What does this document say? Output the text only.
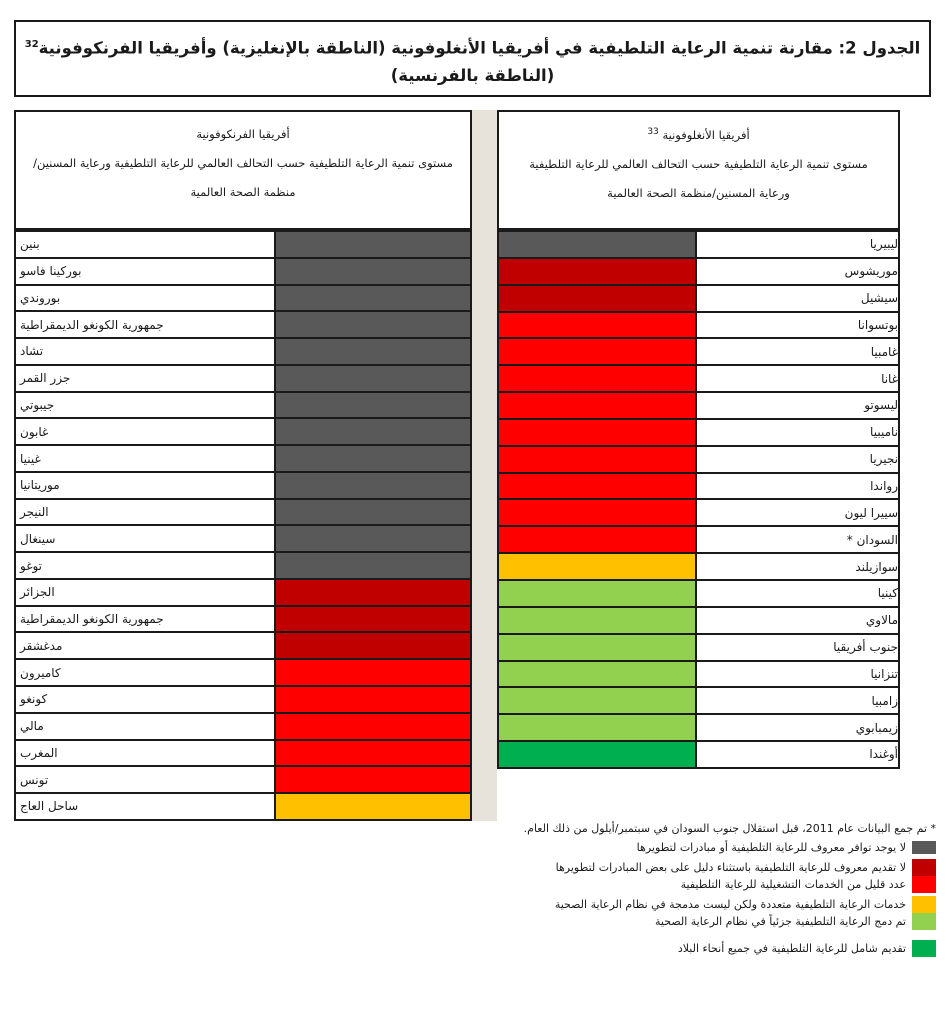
الجدول 2: مقارنة تنمية الرعاية التلطيفية في أفريقيا الأنغلوفونية (الناطقة بالإنغليزية) وأفريقيا الفرنكوفونية$^{32}$
(الناطقة بالفرنسية)
أفريقيا الفرنكوفونية
مستوى تنمية الرعاية التلطيفية حسب التحالف العالمي للرعاية التلطيفية ورعاية المسنين/منظمة الصحة العالمية
أفريقيا الأنغلوفونية $^{33}$
مستوى تنمية الرعاية التلطيفية حسب التحالف العالمي للرعاية التلطيفية ورعاية المسنين/منظمة الصحة العالمية
بنين
بوركينا فاسو
بوروندي
جمهورية الكونغو الديمقراطية
تشاد
جزر القمر
جيبوتي
غابون
غينيا
موريتانيا
النيجر
سينغال
توغو
الجزائر
جمهورية الكونغو الديمقراطية
مدغشقر
كاميرون
كونغو
مالي
المغرب
تونس
ساحل العاج
ليبيريا
موريشوس
سيشيل
بوتسوانا
غامبيا
غانا
ليسوتو
ناميبيا
نجيريا
رواندا
سييرا ليون
السودان *
سوازيلند
كينيا
مالاوي
جنوب أفريقيا
تنزانيا
زامبيا
زيمبابوي
أوغندا
* تم جمع البيانات عام 2011، قبل استقلال جنوب السودان في سبتمبر/أيلول من ذلك العام.
لا يوجد توافر معروف للرعاية التلطيفية أو مبادرات لتطويرها
لا تقديم معروف للرعاية التلطيفية باستثناء دليل على بعض المبادرات لتطويرها
عدد قليل من الخدمات التشغيلية للرعاية التلطيفية
خدمات الرعاية التلطيفية متعددة ولكن ليست مدمجة في نظام الرعاية الصحية
تم دمج الرعاية التلطيفية جزئياً في نظام الرعاية الصحية
تقديم شامل للرعاية التلطيفية في جميع أنحاء البلاد
